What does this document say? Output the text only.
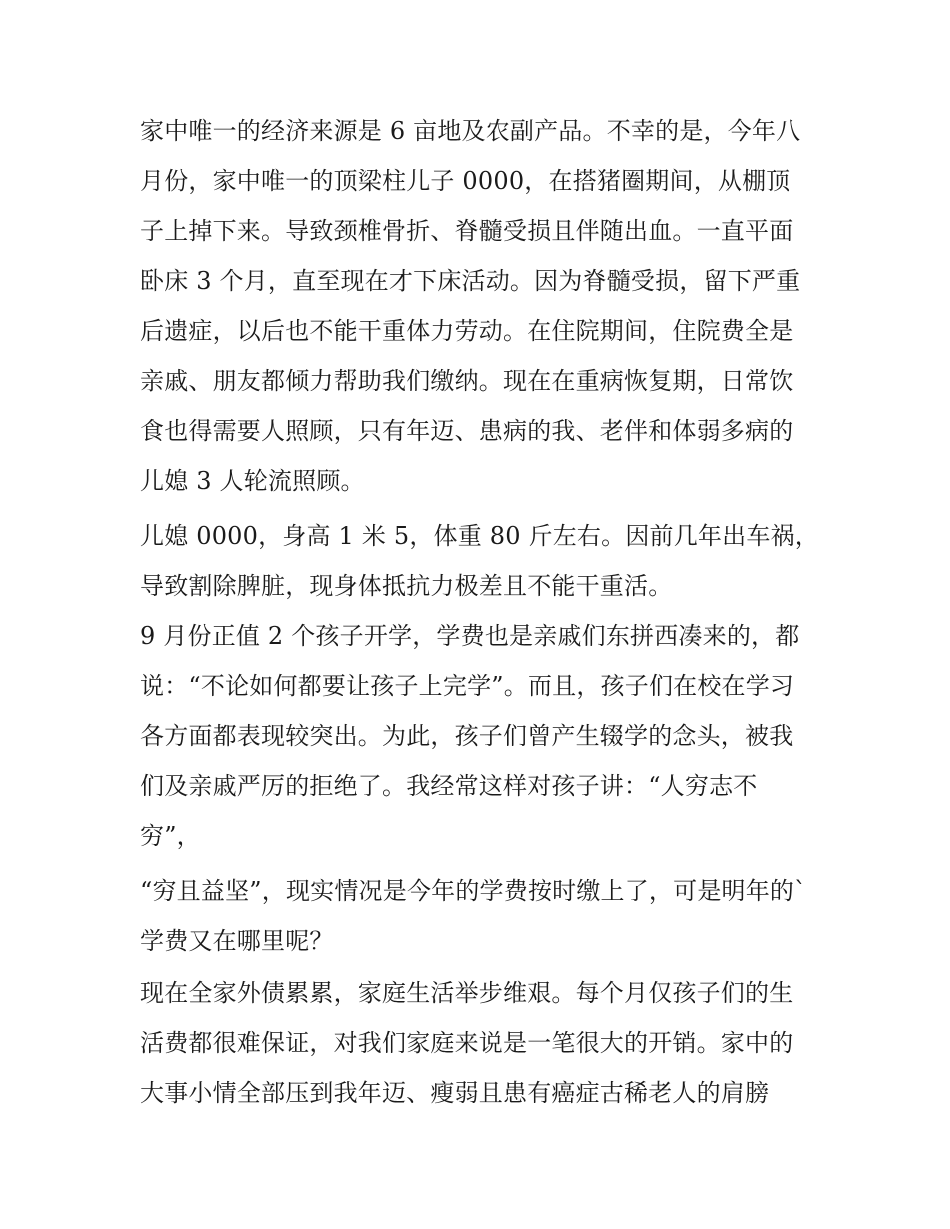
家中唯一的经济来源是 6 亩地及农副产品。不幸的是，今年八
月份，家中唯一的顶梁柱儿子 0000，在搭猪圈期间，从棚顶
子上掉下来。导致颈椎骨折、脊髓受损且伴随出血。一直平面
卧床 3 个月，直至现在才下床活动。因为脊髓受损，留下严重
后遗症，以后也不能干重体力劳动。在住院期间，住院费全是
亲戚、朋友都倾力帮助我们缴纳。现在在重病恢复期，日常饮
食也得需要人照顾，只有年迈、患病的我、老伴和体弱多病的
儿媳 3 人轮流照顾。
儿媳 0000，身高 1 米 5，体重 80 斤左右。因前几年出车祸，
导致割除脾脏，现身体抵抗力极差且不能干重活。
9 月份正值 2 个孩子开学，学费也是亲戚们东拼西凑来的，都
说：“不论如何都要让孩子上完学”。而且，孩子们在校在学习
各方面都表现较突出。为此，孩子们曾产生辍学的念头，被我
们及亲戚严厉的拒绝了。我经常这样对孩子讲：“人穷志不
穷”，
“穷且益坚”，现实情况是今年的学费按时缴上了，可是明年的`
学费又在哪里呢？
现在全家外债累累，家庭生活举步维艰。每个月仅孩子们的生
活费都很难保证，对我们家庭来说是一笔很大的开销。家中的
大事小情全部压到我年迈、瘦弱且患有癌症古稀老人的肩膀
